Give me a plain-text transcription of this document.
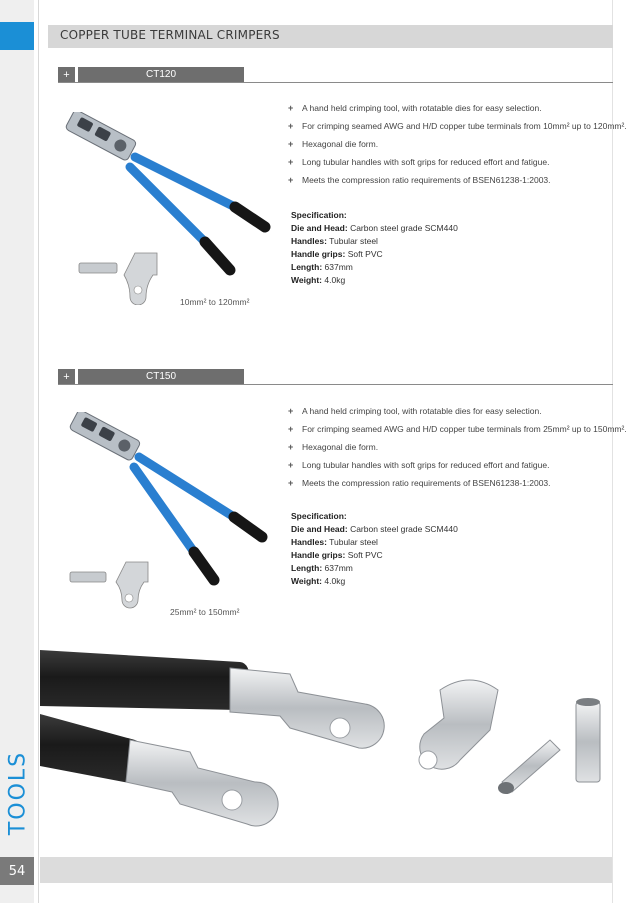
TOOLS
54
COPPER TUBE TERMINAL CRIMPERS
+	CT120
10mm² to 120mm²
+ A hand held crimping tool, with rotatable dies for easy selection.
+ For crimping seamed AWG and H/D copper tube terminals from 10mm² up to 120mm².
+ Hexagonal die form.
+ Long tubular handles with soft grips for reduced effort and fatigue.
+ Meets the compression ratio requirements of BSEN61238-1:2003.
Specification:
Die and Head: Carbon steel grade SCM440
Handles: Tubular steel
Handle grips: Soft PVC
Length: 637mm
Weight: 4.0kg
+	CT150
25mm² to 150mm²
+ A hand held crimping tool, with rotatable dies for easy selection.
+ For crimping seamed AWG and H/D copper tube terminals from 25mm² up to 150mm².
+ Hexagonal die form.
+ Long tubular handles with soft grips for reduced effort and fatigue.
+ Meets the compression ratio requirements of BSEN61238-1:2003.
Specification:
Die and Head: Carbon steel grade SCM440
Handles: Tubular steel
Handle grips: Soft PVC
Length: 637mm
Weight: 4.0kg
